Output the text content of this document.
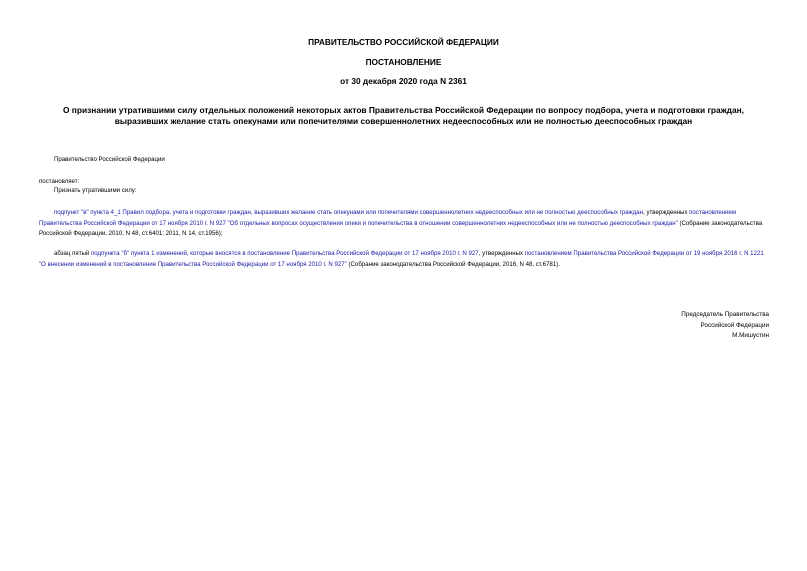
ПРАВИТЕЛЬСТВО РОССИЙСКОЙ ФЕДЕРАЦИИ

ПОСТАНОВЛЕНИЕ

от 30 декабря 2020 года N 2361

О признании утратившими силу отдельных положений некоторых актов Правительства Российской Федерации по вопросу подбора, учета и подготовки граждан,

выразивших желание стать опекунами или попечителями совершеннолетних недееспособных или не полностью дееспособных граждан

Правительство Российской Федерации

постановляет:

Признать утратившими силу:

подпункт "в" пункта 4_1 Правил подбора, учета и подготовки граждан, выразивших желание стать опекунами или попечителями совершеннолетних недееспособных или не полностью дееспособных граждан, утвержденных постановлением Правительства Российской Федерации от 17 ноября 2010 г. N 927 "Об отдельных вопросах осуществления опеки и попечительства в отношении совершеннолетних недееспособных или не полностью дееспособных граждан" (Собрание законодательства Российской Федерации, 2010, N 48, ст.6401; 2011, N 14, ст.1956);

абзац пятый подпункта "б" пункта 1 изменений, которые вносятся в постановление Правительства Российской Федерации от 17 ноября 2010 г. N 927, утвержденных постановлением Правительства Российской Федерации от 19 ноября 2016 г. N 1221 "О внесении изменений в постановление Правительства Российской Федерации от 17 ноября 2010 г. N 927" (Собрание законодательства Российской Федерации, 2016, N 48, ст.6781).

Председатель Правительства

Российской Федерации

М.Мишустин
